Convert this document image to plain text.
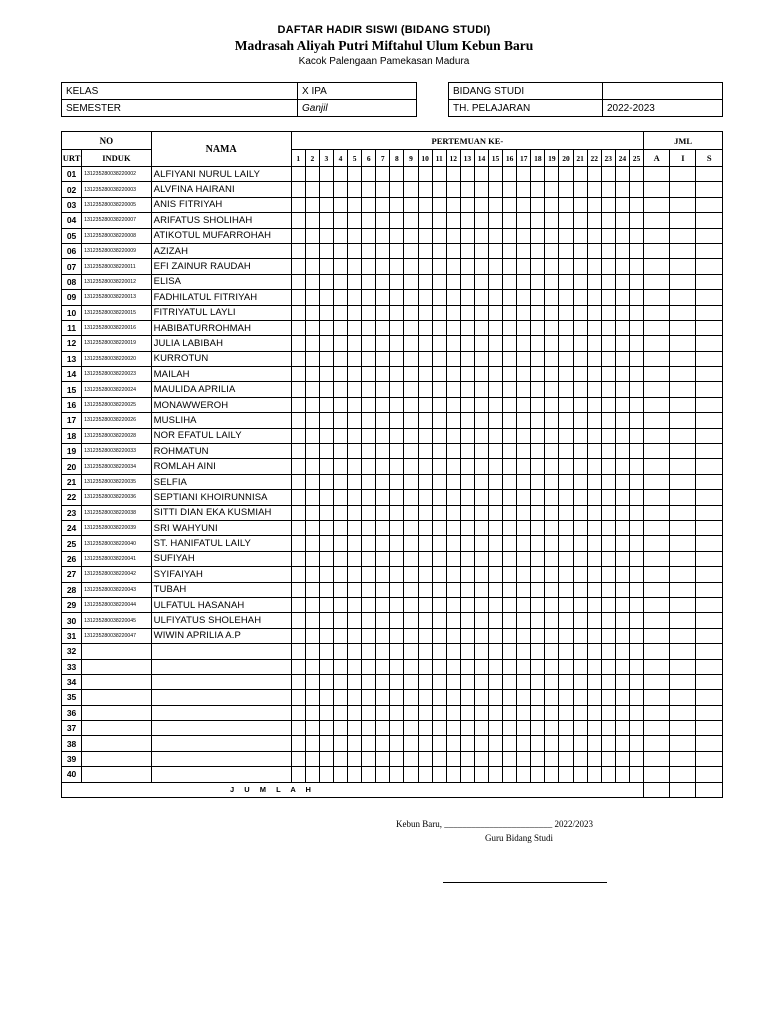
DAFTAR HADIR SISWI (BIDANG STUDI)
Madrasah Aliyah Putri Miftahul Ulum Kebun Baru
Kacok Palengaan Pamekasan Madura
KELAS	X IPA
SEMESTER	Ganjil
BIDANG STUDI	
TH. PELAJARAN	2022-2023
NO		NAMA	PERTEMUAN KE-																									JML		
URT	INDUK		1	2	3	4	5	6	7	8	9	10	11	12	13	14	15	16	17	18	19	20	21	22	23	24	25	A	I	S
01	131235280038220002	ALFIYANI NURUL LAILY																												
02	131235280038220003	ALVFINA HAIRANI																												
03	131235280038220005	ANIS FITRIYAH																												
04	131235280038220007	ARIFATUS SHOLIHAH																												
05	131235280038220008	ATIKOTUL MUFARROHAH																												
06	131235280038220009	AZIZAH																												
07	131235280038220011	EFI ZAINUR RAUDAH																												
08	131235280038220012	ELISA																												
09	131235280038220013	FADHILATUL FITRIYAH																												
10	131235280038220015	FITRIYATUL LAYLI																												
11	131235280038220016	HABIBATURROHMAH																												
12	131235280038220019	JULIA LABIBAH																												
13	131235280038220020	KURROTUN																												
14	131235280038220023	MAILAH																												
15	131235280038220024	MAULIDA APRILIA																												
16	131235280038220025	MONAWWEROH																												
17	131235280038220026	MUSLIHA																												
18	131235280038220028	NOR EFATUL LAILY																												
19	131235280038220033	ROHMATUN																												
20	131235280038220034	ROMLAH AINI																												
21	131235280038220035	SELFIA																												
22	131235280038220036	SEPTIANI KHOIRUNNISA																												
23	131235280038220038	SITTI DIAN EKA KUSMIAH																												
24	131235280038220039	SRI WAHYUNI																												
25	131235280038220040	ST. HANIFATUL LAILY																												
26	131235280038220041	SUFIYAH																												
27	131235280038220042	SYIFAIYAH																												
28	131235280038220043	TUBAH																												
29	131235280038220044	ULFATUL HASANAH																												
30	131235280038220045	ULFIYATUS SHOLEHAH																												
31	131235280038220047	WIWIN APRILIA A.P																												
32																														
33																														
34																														
35																														
36																														
37																														
38																														
39																														
40																														
J U M L A H																														
Kebun Baru, ________________________ 2022/2023
Guru Bidang Studi
